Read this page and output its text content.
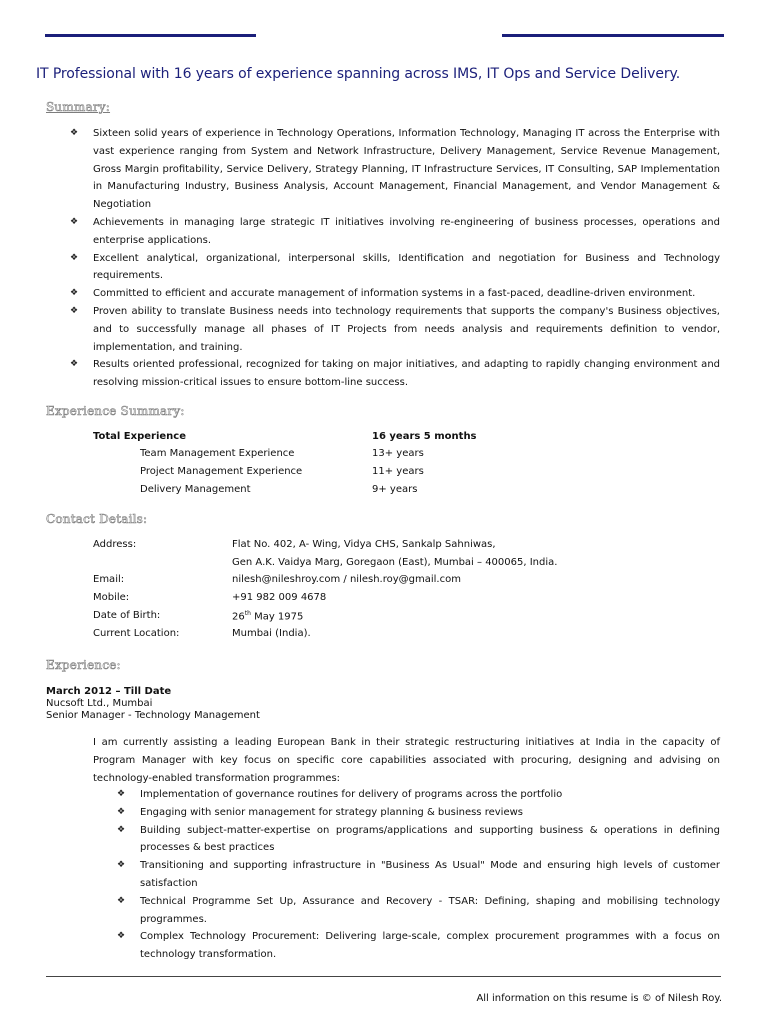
IT Professional with 16 years of experience spanning across IMS, IT Ops and Service Delivery.
Summary:
❖ Sixteen solid years of experience in Technology Operations, Information Technology, Managing IT across the Enterprise with vast experience ranging from System and Network Infrastructure, Delivery Management, Service Revenue Management, Gross Margin profitability, Service Delivery, Strategy Planning, IT Infrastructure Services, IT Consulting, SAP Implementation in Manufacturing Industry, Business Analysis, Account Management, Financial Management, and Vendor Management & Negotiation
❖ Achievements in managing large strategic IT initiatives involving re-engineering of business processes, operations and enterprise applications.
❖ Excellent analytical, organizational, interpersonal skills, Identification and negotiation for Business and Technology requirements.
❖ Committed to efficient and accurate management of information systems in a fast-paced, deadline-driven environment.
❖ Proven ability to translate Business needs into technology requirements that supports the company's Business objectives, and to successfully manage all phases of IT Projects from needs analysis and requirements definition to vendor, implementation, and training.
❖ Results oriented professional, recognized for taking on major initiatives, and adapting to rapidly changing environment and resolving mission-critical issues to ensure bottom-line success.
Experience Summary:
Total Experience	16 years 5 months
Team Management Experience	13+ years
Project Management Experience	11+ years
Delivery Management	9+ years
Contact Details:
Address:	Flat No. 402, A- Wing, Vidya CHS, Sankalp Sahniwas,
Gen A.K. Vaidya Marg, Goregaon (East), Mumbai – 400065, India.
Email:	nilesh@nileshroy.com / nilesh.roy@gmail.com
Mobile:	+91 982 009 4678
Date of Birth:	26th May 1975
Current Location:	Mumbai (India).
Experience:
March 2012 – Till Date
Nucsoft Ltd., Mumbai
Senior Manager - Technology Management
I am currently assisting a leading European Bank in their strategic restructuring initiatives at India in the capacity of Program Manager with key focus on specific core capabilities associated with procuring, designing and advising on technology-enabled transformation programmes:
❖ Implementation of governance routines for delivery of programs across the portfolio
❖ Engaging with senior management for strategy planning & business reviews
❖ Building subject-matter-expertise on programs/applications and supporting business & operations in defining processes & best practices
❖ Transitioning and supporting infrastructure in "Business As Usual" Mode and ensuring high levels of customer satisfaction
❖ Technical Programme Set Up, Assurance and Recovery - TSAR: Defining, shaping and mobilising technology programmes.
❖ Complex Technology Procurement: Delivering large-scale, complex procurement programmes with a focus on technology transformation.
All information on this resume is © of Nilesh Roy.
